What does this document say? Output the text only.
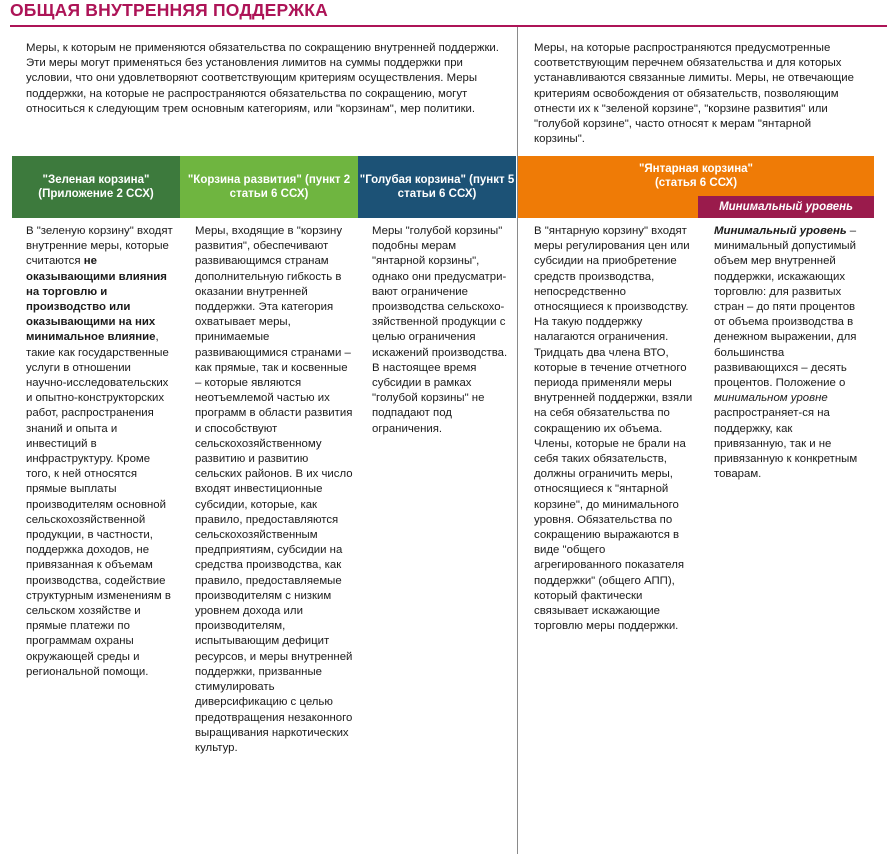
ОБЩАЯ ВНУТРЕННЯЯ ПОДДЕРЖКА
Меры, к которым не применяются обязательства по сокращению внутренней поддержки. Эти меры могут применяться без установления лимитов на суммы поддержки при условии, что они удовлетворяют соответствующим критериям осуществления. Меры поддержки, на которые не распространяются обязательства по сокращению, могут относиться к следующим трем основным категориям, или "корзинам", мер политики.
Меры, на которые распространяются предусмотренные соответствующим перечнем обязательства и для которых устанавливаются связанные лимиты. Меры, не отвечающие критериям освобождения от обязательств, позволяющим отнести их к "зеленой корзине", "корзине развития" или "голубой корзине", часто относят к мерам "янтарной корзины".
"Зеленая корзина" (Приложение 2 ССХ)
"Корзина развития" (пункт 2 статьи 6 ССХ)
"Голубая корзина" (пункт 5 статьи 6 ССХ)
"Янтарная корзина" (статья 6 ССХ)
Минимальный уровень
В "зеленую корзину" входят внутренние меры, которые считаются не оказывающими влияния на торговлю и производство или оказывающими на них минимальное влияние, такие как государственные услуги в отношении научно-исследовательских и опытно-конструкторских работ, распространения знаний и опыта и инвестиций в инфраструктуру. Кроме того, к ней относятся прямые выплаты производителям основной сельскохозяйственной продукции, в частности, поддержка доходов, не привязанная к объемам производства, содействие структурным изменениям в сельском хозяйстве и прямые платежи по программам охраны окружающей среды и региональной помощи.
Меры, входящие в "корзину развития", обеспечивают развивающимся странам дополнительную гибкость в оказании внутренней поддержки. Эта категория охватывает меры, принимаемые развивающимися странами – как прямые, так и косвенные – которые являются неотъемлемой частью их программ в области развития и способствуют сельскохозяйственному развитию и развитию сельских районов. В их число входят инвестиционные субсидии, которые, как правило, предоставляются сельскохозяйственным предприятиям, субсидии на средства производства, как правило, предоставляемые производителям с низким уровнем дохода или производителям, испытывающим дефицит ресурсов, и меры внутренней поддержки, призванные стимулировать диверсификацию с целью предотвращения незаконного выращивания наркотических культур.
Меры "голубой корзины" подобны мерам "янтарной корзины", однако они предусматри-вают ограничение производства сельскохо-зяйственной продукции с целью ограничения искажений производства.
В настоящее время субсидии в рамках "голубой корзины" не подпадают под ограничения.
В "янтарную корзину" входят меры регулирования цен или субсидии на приобретение средств производства, непосредственно относящиеся к производству. На такую поддержку налагаются ограничения. Тридцать два члена ВТО, которые в течение отчетного периода применяли меры внутренней поддержки, взяли на себя обязательства по сокращению их объема. Члены, которые не брали на себя таких обязательств, должны ограничить меры, относящиеся к "янтарной корзине", до минимального уровня. Обязательства по сокращению выражаются в виде "общего агрегированного показателя поддержки" (общего АПП), который фактически связывает искажающие торговлю меры поддержки.
Минимальный уровень – минимальный допустимый объем мер внутренней поддержки, искажающих торговлю: для развитых стран – до пяти процентов от объема производства в денежном выражении, для большинства развивающихся – десять процентов. Положение о минимальном уровне распространяет-ся на поддержку, как привязанную, так и не привязанную к конкретным товарам.
